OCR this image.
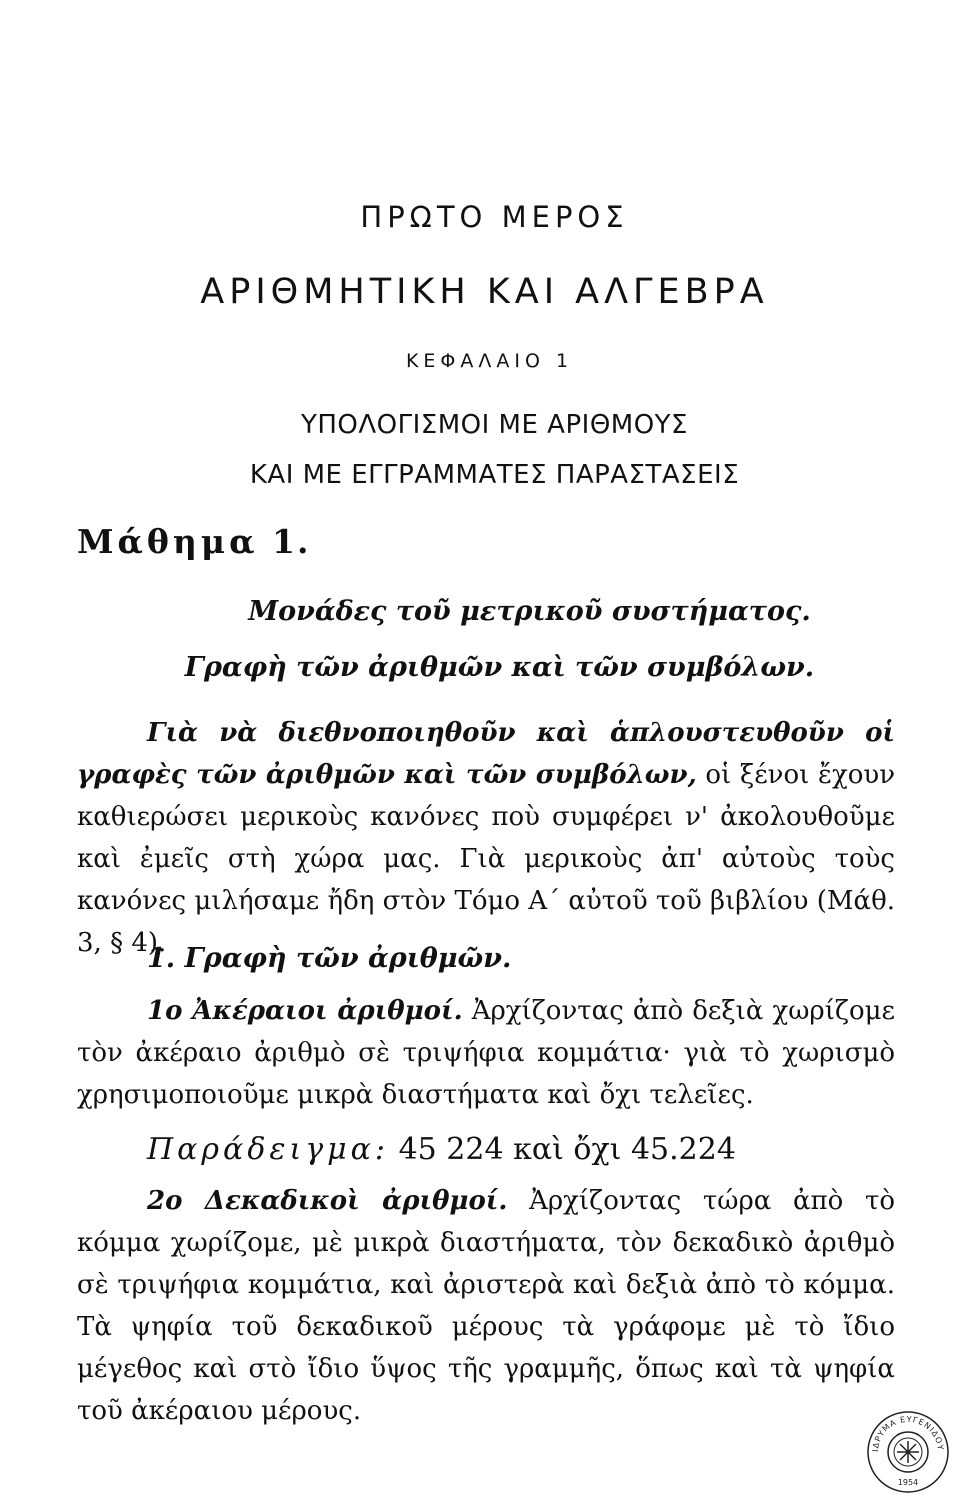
ΠΡΩΤΟ ΜΕΡΟΣ
ΑΡΙΘΜΗΤΙΚΗ ΚΑΙ ΑΛΓΕΒΡΑ
ΚΕΦΑΛΑΙΟ 1
ΥΠΟΛΟΓΙΣΜΟΙ ΜΕ ΑΡΙΘΜΟΥΣ
ΚΑΙ ΜΕ ΕΓΓΡΑΜΜΑΤΕΣ ΠΑΡΑΣΤΑΣΕΙΣ
Μάθημα 1.
Μονάδες τοῦ μετρικοῦ συστήματος.
Γραφὴ τῶν ἀριθμῶν καὶ τῶν συμβόλων.
Γιὰ νὰ διεθνοποιηθοῦν καὶ ἁπλουστευθοῦν οἱ γραφὲς τῶν ἀριθμῶν καὶ τῶν συμβόλων, οἱ ξένοι ἔχουν καθιερώσει μερικοὺς κανόνες ποὺ συμφέρει ν' ἀκολουθοῦμε καὶ ἐμεῖς στὴ χώρα μας. Γιὰ μερικοὺς ἀπ' αὐτοὺς τοὺς κανόνες μιλήσαμε ἤδη στὸν Τόμο Α΄ αὐτοῦ τοῦ βιβλίου (Μάθ. 3, § 4).
1. Γραφὴ τῶν ἀριθμῶν.
1ο Ἀκέραιοι ἀριθμοί. Ἀρχίζοντας ἀπὸ δεξιὰ χωρίζομε τὸν ἀκέραιο ἀριθμὸ σὲ τριψήφια κομμάτια· γιὰ τὸ χωρισμὸ χρησιμοποιοῦμε μικρὰ διαστήματα καὶ ὄχι τελεῖες.
Παράδειγμα: 45 224 καὶ ὄχι 45.224
2ο Δεκαδικοὶ ἀριθμοί. Ἀρχίζοντας τώρα ἀπὸ τὸ κόμμα χωρίζομε, μὲ μικρὰ διαστήματα, τὸν δεκαδικὸ ἀριθμὸ σὲ τριψήφια κομμάτια, καὶ ἀριστερὰ καὶ δεξιὰ ἀπὸ τὸ κόμμα. Τὰ ψηφία τοῦ δεκαδικοῦ μέρους τὰ γράφομε μὲ τὸ ἴδιο μέγεθος καὶ στὸ ἴδιο ὕψος τῆς γραμμῆς, ὅπως καὶ τὰ ψηφία τοῦ ἀκέραιου μέρους.
ΙΔΡΥΜΑ ΕΥΓΕΝΙΔΟΥ
1954
